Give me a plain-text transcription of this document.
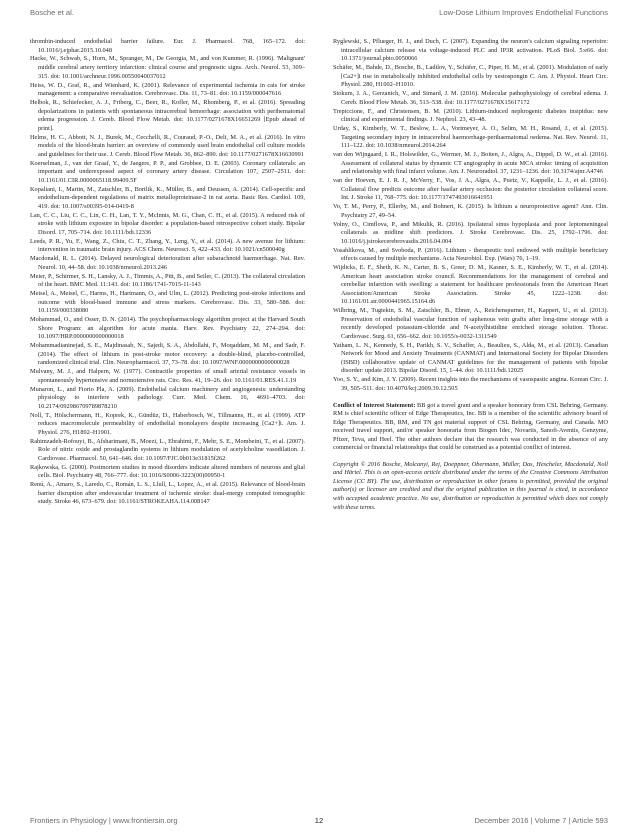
Bosche et al.	Low-Dose Lithium Improves Endothelial Functions

thrombin-induced endothelial barrier failure. Eur. J. Pharmacol. 768, 165–172. doi: 10.1016/j.ejphar.2015.10.048

Hacke, W., Schwab, S., Horn, M., Spranger, M., De Georgia, M., and von Kummer, R. (1996). 'Malignant' middle cerebral artery territory infarction: clinical course and prognostic signs. Arch. Neurol. 53, 309–315. doi: 10.1001/archneur.1996.00550040037012

Heiss, W. D., Graf, R., and Wienhard, K. (2001). Relevance of experimental ischemia in cats for stroke management: a comparative reevaluation. Cerebrovasc. Dis. 11, 73–81. doi: 10.1159/000047616

Helbok, R., Schiefecker, A. J., Friberg, C., Beer, R., Kofler, M., Rhomberg, P., et al. (2016). Spreading depolarizations in patients with spontaneous intracerebral hemorrhage: association with perihematomal edema progression. J. Cereb. Blood Flow Metab. doi: 10.1177/0271678X16651269 [Epub ahead of print].

Helms, H. C., Abbott, N. J., Burek, M., Cecchelli, R., Couraud, P.-O., Deli, M. A., et al. (2016). In vitro models of the blood-brain barrier: an overview of commonly used brain endothelial cell culture models and guidelines for their use. J. Cereb. Blood Flow Metab. 36, 862–890. doi: 10.1177/0271678X16630991

Koerselman, J., van der Graaf, Y., de Jaegere, P. P., and Grobbee, D. E. (2003). Coronary collaterals: an important and underexposed aspect of coronary artery disease. Circulation 107, 2507–2511. doi: 10.1161/01.CIR.0000065118.99409.5F

Kopaliani, I., Martin, M., Zatschler, B., Bortlik, K., Müller, B., and Deussen, A. (2014). Cell-specific and endothelium-dependent regulations of matrix metalloproteinase-2 in rat aorta. Basic Res. Cardiol. 109, 419. doi: 10.1007/s00395-014-0419-8

Lan, C. C., Liu, C. C., Lin, C. H., Lan, T. Y., McInnis, M. G., Chan, C. H., et al. (2015). A reduced risk of stroke with lithium exposure in bipolar disorder: a population-based retrospective cohort study. Bipolar Disord. 17, 705–714. doi: 10.1111/bdi.12336

Leeds, P. R., Yu, F., Wang, Z., Chiu, C. T., Zhang, Y., Leng, Y., et al. (2014). A new avenue for lithium: intervention in traumatic brain injury. ACS Chem. Neurosci. 5, 422–433. doi: 10.1021/cn500040g

Macdonald, R. L. (2014). Delayed neurological deterioration after subarachnoid haemorrhage. Nat. Rev. Neurol. 10, 44–58. doi: 10.1038/nrneurol.2013.246

Meier, P., Schirmer, S. H., Lansky, A. J., Timmis, A., Pitt, B., and Seiler, C. (2013). The collateral circulation of the heart. BMC Med. 11:143. doi: 10.1186/1741-7015-11-143

Meisel, A., Meisel, C., Harms, H., Hartmann, O., and Ulm, L. (2012). Predicting post-stroke infections and outcome with blood-based immune and stress markers. Cerebrovasc. Dis. 33, 580–588. doi: 10.1159/000338080

Mohammad, O., and Osser, D. N. (2014). The psychopharmacology algorithm project at the Harvard South Shore Program: an algorithm for acute mania. Harv. Rev. Psychiatry 22, 274–294. doi: 10.1097/HRP.0000000000000018

Mohammadianinejad, S. E., Majdinasab, N., Sajedi, S. A., Abdollahi, F., Moqaddam, M. M., and Sadr, F. (2014). The effect of lithium in post-stroke motor recovery: a double-blind, placebo-controlled, randomized clinical trial. Clin. Neuropharmacol. 37, 73–78. doi: 10.1097/WNF.0000000000000028

Mulvany, M. J., and Halpern, W. (1977). Contractile properties of small arterial resistance vessels in spontaneously hypertensive and normotensive rats. Circ. Res. 41, 19–26. doi: 10.1161/01.RES.41.1.19

Munaron, L., and Fiorio Pla, A. (2009). Endothelial calcium machinery and angiogenesis: understanding physiology to interfere with pathology. Curr. Med. Chem. 16, 4691–4703. doi: 10.2174/092986709789878210

Noll, T., Hölschermann, H., Koprek, K., Gündüz, D., Haberbosch, W., Tillmanns, H., et al. (1999). ATP reduces macromolecule permeability of endothelial monolayers despite increasing [Ca2+]i. Am. J. Physiol. 276, H1892–H1901.

Rahimzadeh-Rofouyi, B., Afsharimani, B., Moezi, L., Ebrahimi, F., Mehr, S. E., Mombeini, T., et al. (2007). Role of nitric oxide and prostaglandin systems in lithium modulation of acetylcholine vasodilation. J. Cardiovasc. Pharmacol. 50, 641–646. doi: 10.1097/FJC.0b013e31815f262

Rajkowska, G. (2000). Postmortem studies in mood disorders indicate altered numbers of neurons and glial cells. Biol. Psychiatry 48, 766–777. doi: 10.1016/S0006-3223(00)00950-1

Renú, A., Amaro, S., Laredo, C., Román, L. S., Llull, L., Lopez, A., et al. (2015). Relevance of blood-brain barrier disruption after endovascular treatment of ischemic stroke: dual-energy computed tomographic study. Stroke 46, 673–679. doi: 10.1161/STROKEAHA.114.008147

Ryglewski, S., Pflueger, H. J., and Duch, C. (2007). Expanding the neuron's calcium signaling repertoire: intracellular calcium release via voltage-induced PLC and IP3R activation. PLoS Biol. 5:e66. doi: 10.1371/journal.pbio.0050066

Schäfer, M., Bahde, D., Bosche, B., Ladilov, Y., Schäfer, C., Piper, H. M., et al. (2001). Modulation of early [Ca2+]i rise in metabolically inhibited endothelial cells by xestospongin C. Am. J. Physiol. Heart Circ. Physiol. 280, H1002–H1010.

Stokum, J. A., Gerzanich, V., and Simard, J. M. (2016). Molecular pathophysiology of cerebral edema. J. Cereb. Blood Flow Metab. 36, 513–538. doi: 10.1177/0271678X15617172

Trepiccione, F., and Christensen, B. M. (2010). Lithium-induced nephrogenic diabetes insipidus: new clinical and experimental findings. J. Nephrol. 23, 43–48.

Urday, S., Kimberly, W. T., Beslow, L. A., Vortmeyer, A. O., Selim, M. H., Rosand, J., et al. (2015). Targeting secondary injury in intracerebral haemorrhage-perihaematomal oedema. Nat. Rev. Neurol. 11, 111–122. doi: 10.1038/nrneurol.2014.264

van den Wijngaard, I. R., Holswilder, G., Wermer, M. J., Boiten, J., Algra, A., Dippel, D. W., et al. (2016). Assessment of collateral status by dynamic CT angiography in acute MCA stroke: timing of acquisition and relationship with final infarct volume. Am. J. Neuroradiol. 37, 1231–1236. doi: 10.3174/ajnr.A4746

van der Hoeven, E. J. R. J., McVerry, F., Vos, J. A., Algra, A., Puetz, V., Kappelle, L. J., et al. (2016). Collateral flow predicts outcome after basilar artery occlusion: the posterior circulation collateral score. Int. J. Stroke 11, 768–775. doi: 10.1177/1747493016641951

Vo, T. M., Perry, P., Ellerby, M., and Bohnert, K. (2015). Is lithium a neuroprotective agent? Ann. Clin. Psychiatry 27, 49–54.

Volny, O., Cimflova, P., and Mikulik, R. (2016). Ipsilateral sinus hypoplasia and poor leptomeningeal collaterals as midline shift predictors. J. Stroke Cerebrovasc. Dis. 25, 1792–1796. doi: 10.1016/j.jstrokecerebrovasdis.2016.04.004

Vosahlikova, M., and Svoboda, P. (2016). Lithium - therapeutic tool endowed with multiple beneficiary effects caused by multiple mechanisms. Acta Neurobiol. Exp. (Wars) 76, 1–19.

Wijdicks, E. F., Sheth, K. N., Carter, B. S., Greer, D. M., Kasner, S. E., Kimberly, W. T., et al. (2014). American heart association stroke council. Recommendations for the management of cerebral and cerebellar infarction with swelling: a statement for healthcare professionals from the American Heart Association/American Stroke Association. Stroke 45, 1222–1238. doi: 10.1161/01.str.0000441965.15164.d6

Wilbring, M., Tugtekin, S. M., Zatschler, B., Ebner, A., Reichenspurner, H., Kappert, U., et al. (2013). Preservation of endothelial vascular function of saphenous vein grafts after long-time storage with a recently developed potassium-chloride and N-acetylhistidine enriched storage solution. Thorac. Cardiovasc. Surg. 61, 656–662. doi: 10.1055/s-0032-1311549

Yatham, L. N., Kennedy, S. H., Parikh, S. V., Schaffer, A., Beaulieu, S., Alda, M., et al. (2013). Canadian Network for Mood and Anxiety Treatments (CANMAT) and International Society for Bipolar Disorders (ISBD) collaborative update of CANMAT guidelines for the management of patients with bipolar disorder: update 2013. Bipolar Disord. 15, 1–44. doi: 10.1111/bdi.12025

Yoo, S. Y., and Kim, J. Y. (2009). Recent insights into the mechanisms of vasospastic angina. Korean Circ. J. 39, 505–511. doi: 10.4070/kcj.2009.39.12.505

Conflict of Interest Statement: BB got a travel grant and a speaker honorary from CSL Behring, Germany. RM is chief scientific officer of Edge Therapeutics, Inc. BB is a member of the scientific advisory board of Edge Therapeutics. BB, RM, and TN got material support of CSL Behring, Germany, and Canada. MO received travel support, and/or speaker honoraria from Biogen Idec, Novartis, Sanofi-Aventis, Genzyme, Pfizer, Teva, and Heel. The other authors declare that the research was conducted in the absence of any commercial or financial relationships that could be construed as a potential conflict of interest.

Copyright © 2016 Bosche, Molcanyi, Rej, Doeppner, Obermann, Müller, Das, Hescheler, Macdonald, Noll and Härtel. This is an open-access article distributed under the terms of the Creative Commons Attribution License (CC BY). The use, distribution or reproduction in other forums is permitted, provided the original author(s) or licensor are credited and that the original publication in this journal is cited, in accordance with accepted academic practice. No use, distribution or reproduction is permitted which does not comply with these terms.

Frontiers in Physiology | www.frontiersin.org	12	December 2016 | Volume 7 | Article 593
